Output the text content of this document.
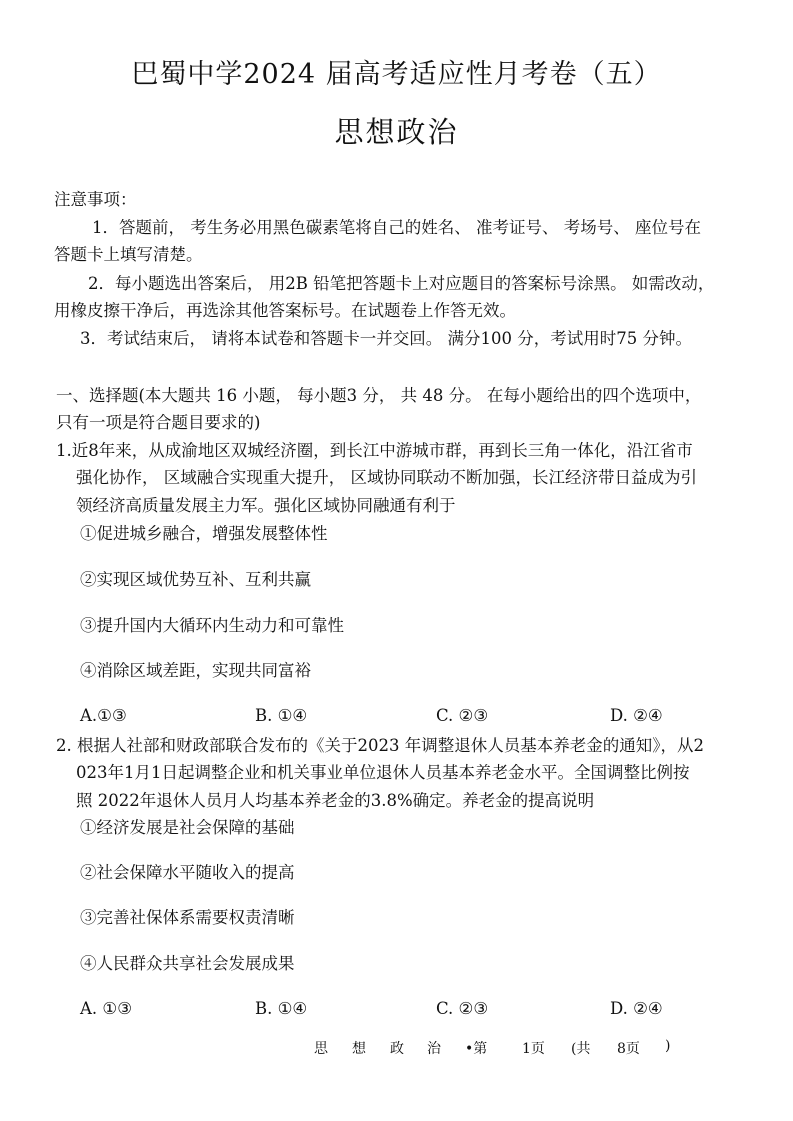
巴蜀中学2024 届高考适应性月考卷（五）
思想政治
注意事项：
1．答题前， 考生务必用黑色碳素笔将自己的姓名、 准考证号、 考场号、 座位号在
答题卡上填写清楚。
2．每小题选出答案后， 用2B 铅笔把答题卡上对应题目的答案标号涂黑。 如需改动，
用橡皮擦干净后，再选涂其他答案标号。在试题卷上作答无效。
3．考试结束后， 请将本试卷和答题卡一并交回。 满分100 分，考试用时75 分钟。
一、选择题(本大题共 16 小题， 每小题3 分， 共 48 分。 在每小题给出的四个选项中，
只有一项是符合题目要求的)
1.近8年来，从成渝地区双城经济圈，到长江中游城市群，再到长三角一体化，沿江省市
强化协作， 区域融合实现重大提升， 区域协同联动不断加强，长江经济带日益成为引
领经济高质量发展主力军。强化区域协同融通有利于
①促进城乡融合，增强发展整体性
②实现区域优势互补、互利共赢
③提升国内大循环内生动力和可靠性
④消除区域差距，实现共同富裕
A.①③	B. ①④	C. ②③	D. ②④
2. 根据人社部和财政部联合发布的《关于2023 年调整退休人员基本养老金的通知》，从2
023年1月1日起调整企业和机关事业单位退休人员基本养老金水平。全国调整比例按
照 2022年退休人员月人均基本养老金的3.8%确定。养老金的提高说明
①经济发展是社会保障的基础
②社会保障水平随收入的提高
③完善社保体系需要权责清晰
④人民群众共享社会发展成果
A. ①③	B. ①④	C. ②③	D. ②④
思 想 政 治 •第 1页 (共 8页 )
